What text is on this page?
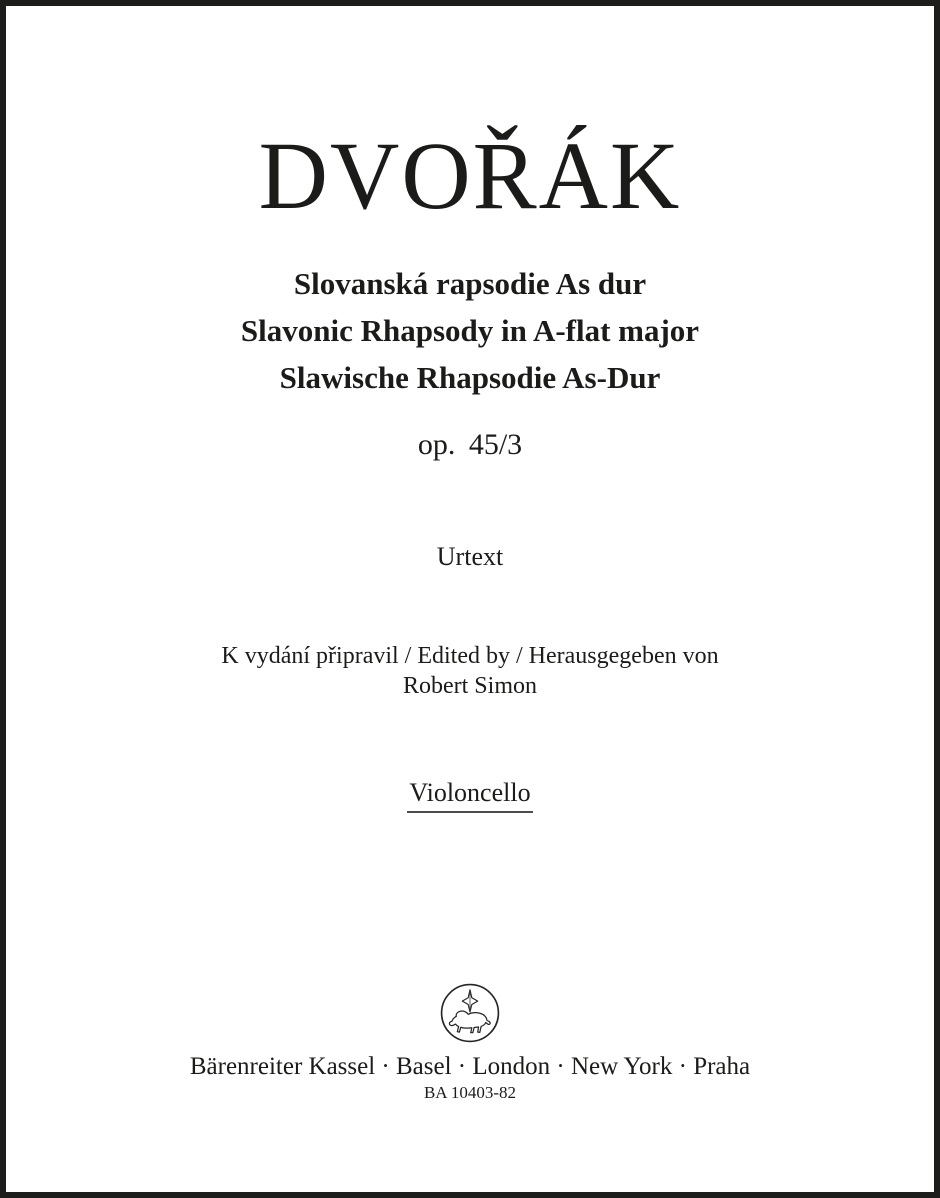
DVOŘÁK
Slovanská rapsodie As dur
Slavonic Rhapsody in A-flat major
Slawische Rhapsodie As-Dur
op. 45/3
Urtext
K vydání připravil / Edited by / Herausgegeben von
Robert Simon
Violoncello
Bärenreiter Kassel · Basel · London · New York · Praha
BA 10403-82
